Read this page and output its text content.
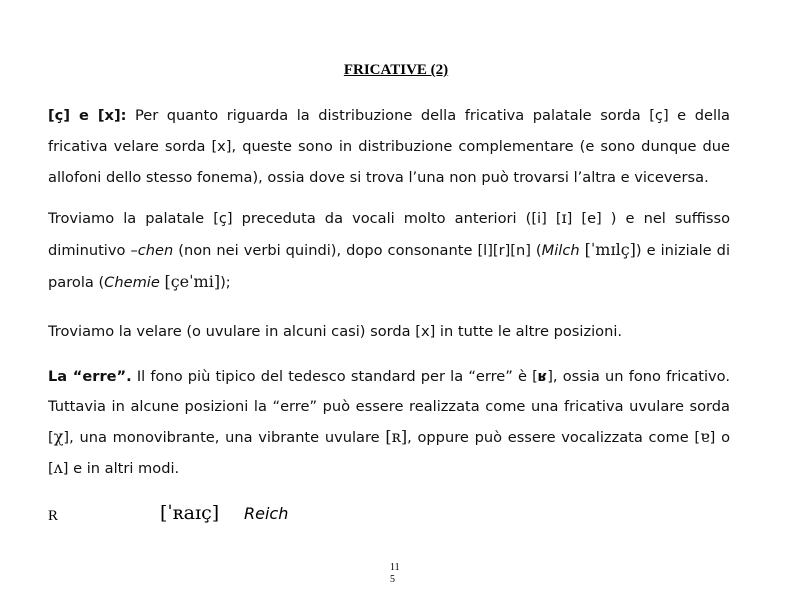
FRICATIVE (2)
[ç] e [x]: Per quanto riguarda la distribuzione della fricativa palatale sorda [ç] e della fricativa velare sorda [x], queste sono in distribuzione complementare (e sono dunque due allofoni dello stesso fonema), ossia dove si trova l’una non può trovarsi l’altra e viceversa.
Troviamo la palatale [ç] preceduta da vocali molto anteriori ([i] [ɪ] [e] ) e nel suffisso diminutivo –chen (non nei verbi quindi), dopo consonante [l][r][n] (Milch [ˈmɪlç]) e iniziale di parola (Chemie [çeˈmi]);
Troviamo la velare (o uvulare in alcuni casi) sorda [x] in tutte le altre posizioni.
La “erre”. Il fono più tipico del tedesco standard per la “erre” è [ʁ], ossia un fono fricativo. Tuttavia in alcune posizioni la “erre” può essere realizzata come una fricativa uvulare sorda [χ], una monovibrante, una vibrante uvulare [ʀ], oppure può essere vocalizzata come [ɐ] o [ʌ] e in altri modi.
R	[ˈʀaɪç] Reich
11
5
